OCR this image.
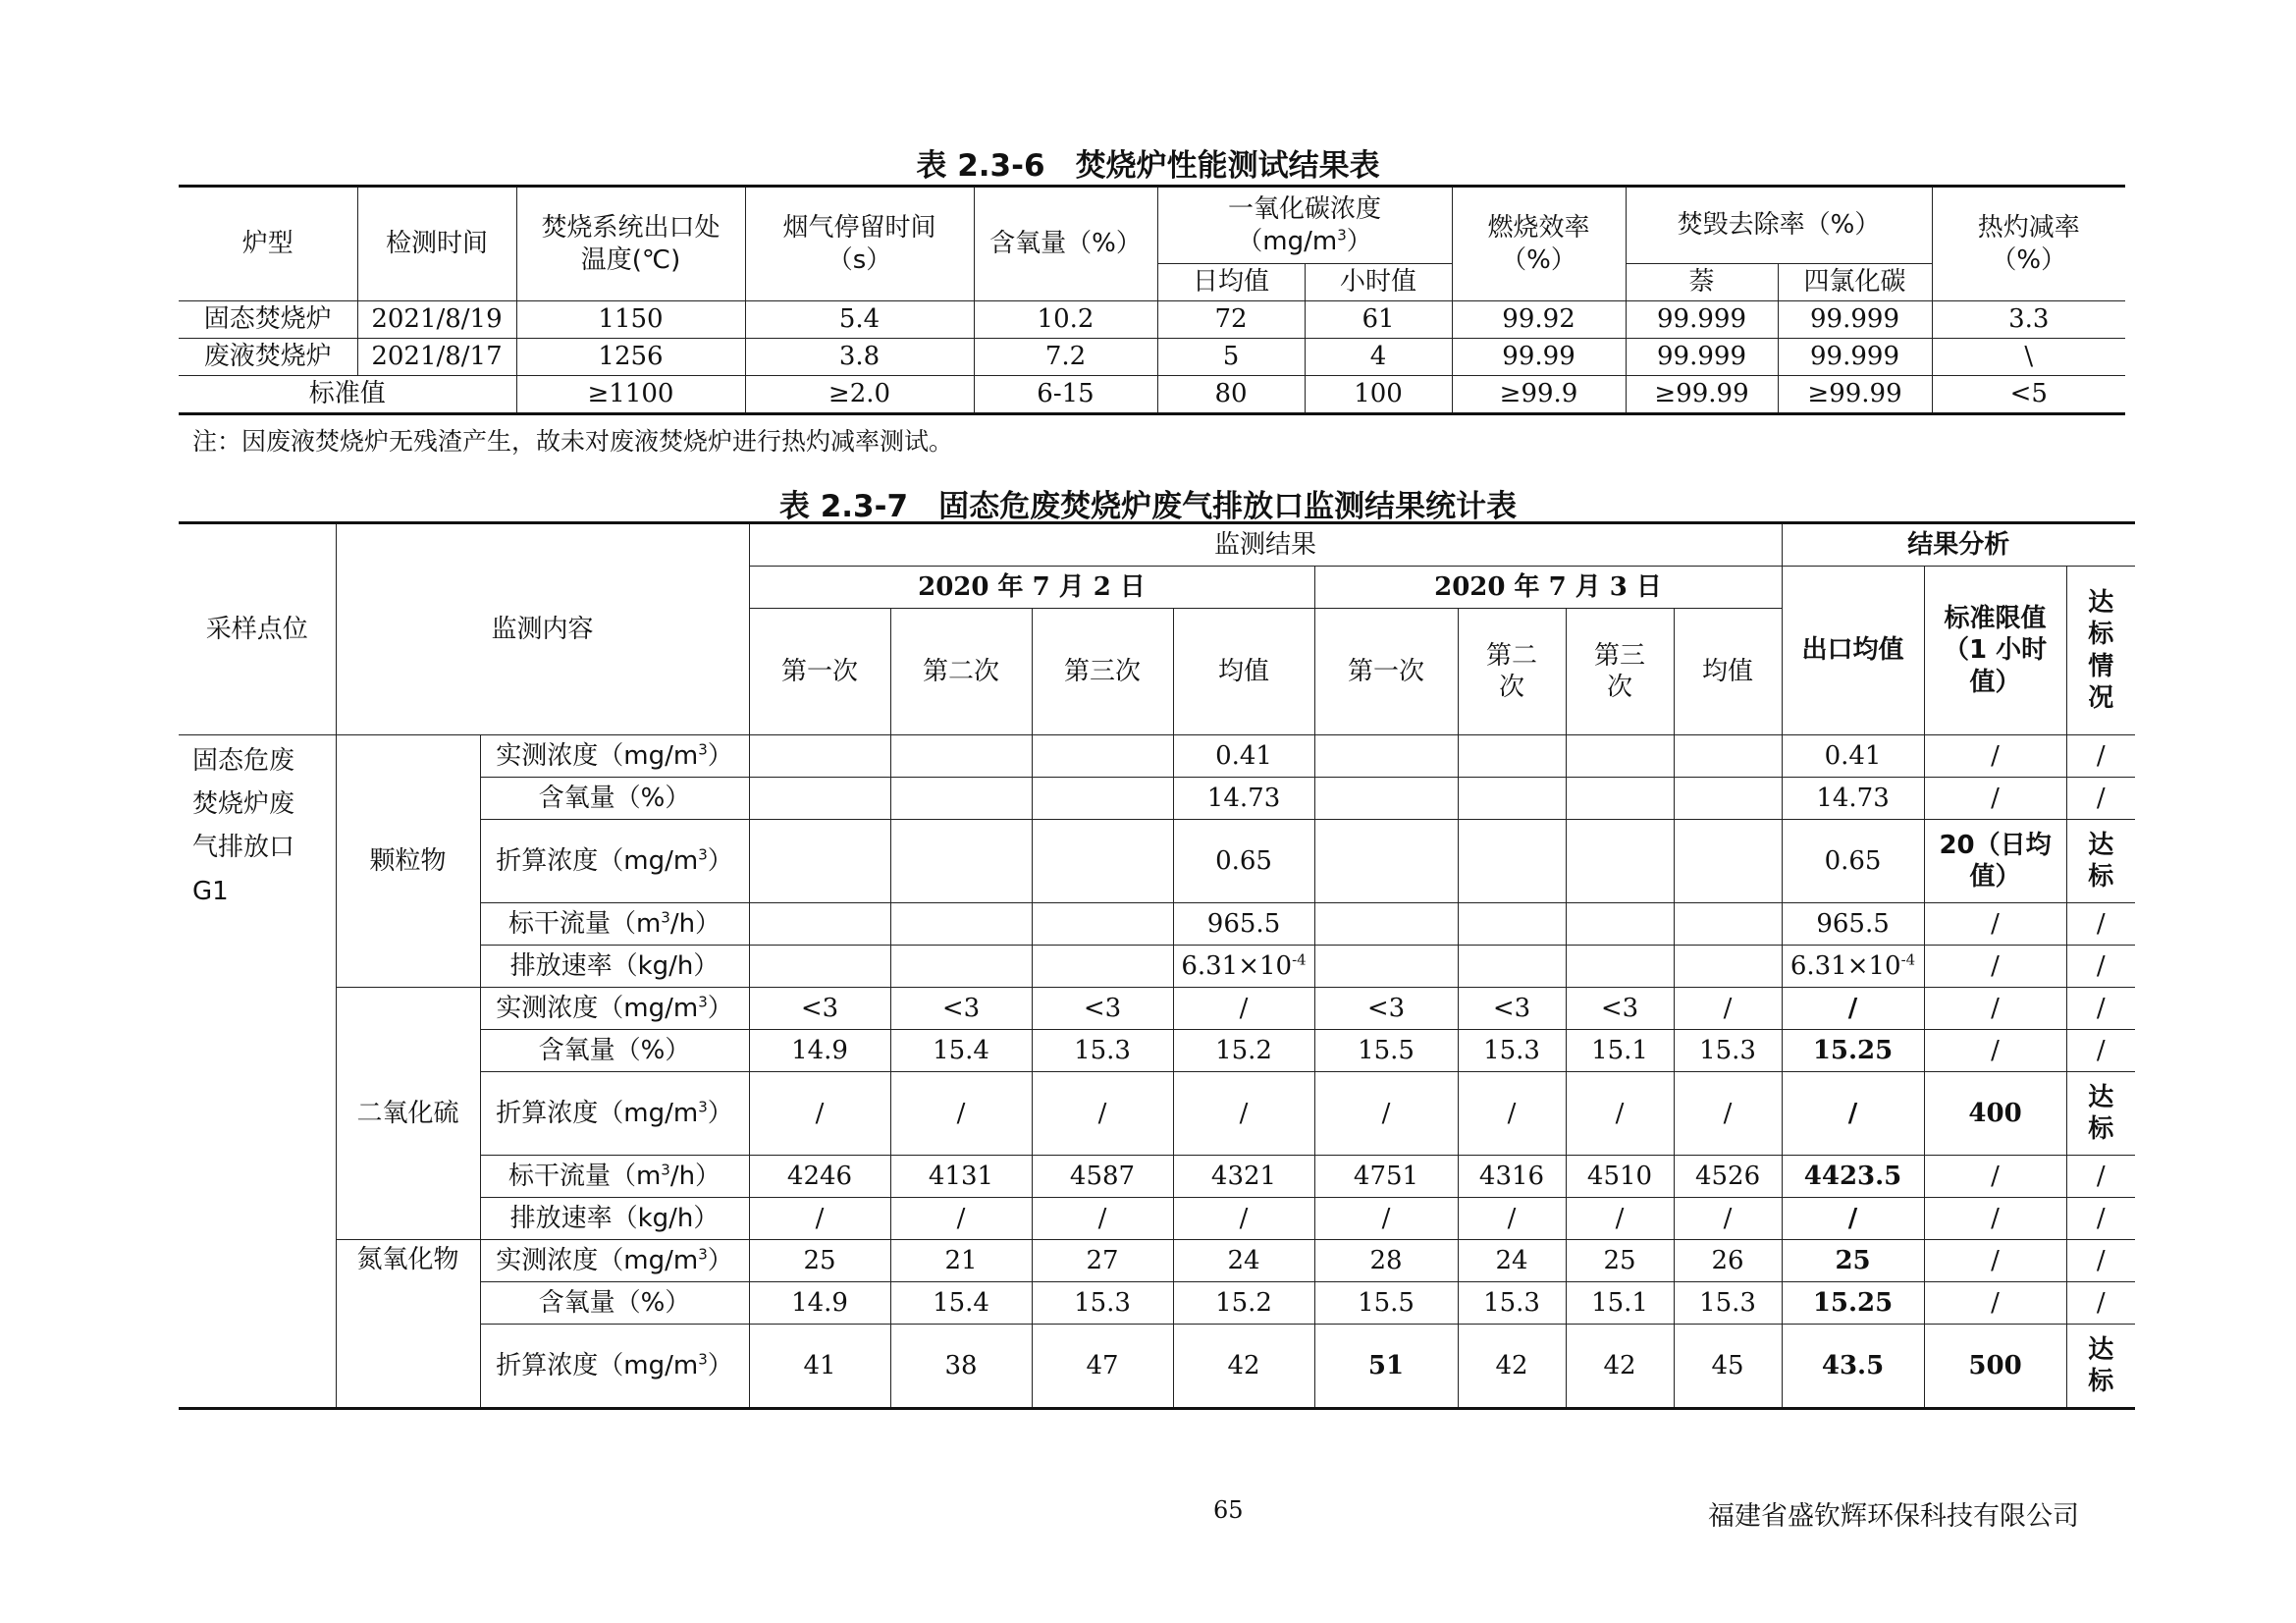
表 2.3-6　焚烧炉性能测试结果表
炉型	检测时间	焚烧系统出口处温度(℃)	烟气停留时间（s）	含氧量（%）	一氧化碳浓度
$(mg/m^3)$		燃烧效率（%）	焚毁去除率（%）		热灼减率（%）
					日均值	小时值		萘	四氯化碳	
固态焚烧炉	2021/8/19	1150	5.4	10.2	72	61	99.92	99.999	99.999	3.3
废液焚烧炉	2021/8/17	1256	3.8	7.2	5	4	99.99	99.999	99.999	\
标准值		≥1100	≥2.0	6-15	80	100	≥99.9	≥99.99	≥99.99	<5
注：因废液焚烧炉无残渣产生，故未对废液焚烧炉进行热灼减率测试。
表 2.3-7　固态危废焚烧炉废气排放口监测结果统计表
采样点位	监测内容		监测结果								结果分析		
			2020 年 7 月 2 日				2020 年 7 月 3 日				出口均值	标准限值（1 小时值）	达标情况
			第一次	第二次	第三次	均值	第一次	第二次	第三次	均值			

固态危废焚烧炉废气排放口G1	颗粒物	实测浓度$(mg/m^3)$				0.41					0.41	/	/
		含氧量（%）				14.73					14.73	/	/
		折算浓度$(mg/m^3)$				0.65					0.65	20（日均值）	达标
		标干流量$(m^3/h)$				965.5					965.5	/	/
		排放速率（kg/h）				$6.31\times 10^{-4}$					$6.31\times 10^{-4}$	/	/
	二氧化硫	实测浓度$(mg/m^3)$	<3	<3	<3	/	<3	<3	<3	/	/	/	/
		含氧量（%）	14.9	15.4	15.3	15.2	15.5	15.3	15.1	15.3	15.25	/	/
		折算浓度$(mg/m^3)$	/	/	/	/	/	/	/	/	/	400	达标
		标干流量$(m^3/h)$	4246	4131	4587	4321	4751	4316	4510	4526	4423.5	/	/
		排放速率（kg/h）	/	/	/	/	/	/	/	/	/	/	/
	氮氧化物	实测浓度$(mg/m^3)$	25	21	27	24	28	24	25	26	25	/	/
		含氧量（%）	14.9	15.4	15.3	15.2	15.5	15.3	15.1	15.3	15.25	/	/
		折算浓度$(mg/m^3)$	41	38	47	42	51	42	42	45	43.5	500	达标
65	福建省盛钦辉环保科技有限公司
